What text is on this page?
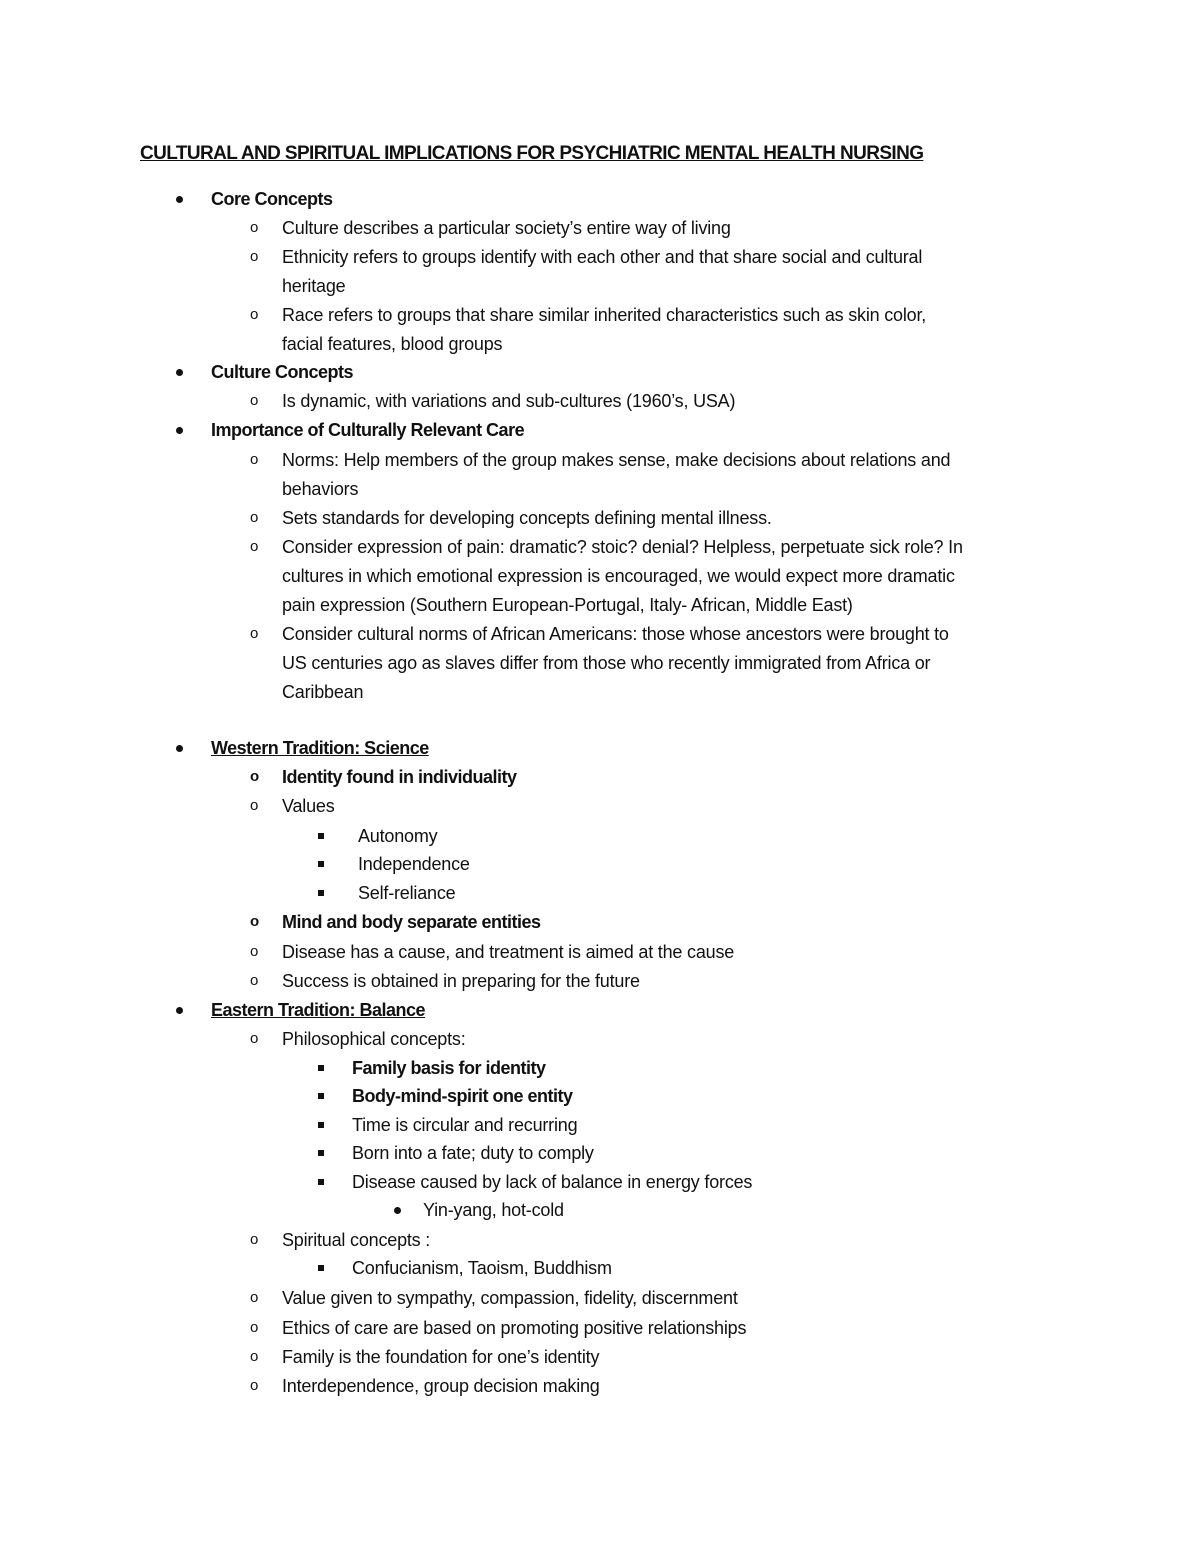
CULTURAL AND SPIRITUAL IMPLICATIONS FOR PSYCHIATRIC MENTAL HEALTH NURSING
Core Concepts
o Culture describes a particular society’s entire way of living
o Ethnicity refers to groups identify with each other and that share social and cultural
heritage
o Race refers to groups that share similar inherited characteristics such as skin color,
facial features, blood groups
Culture Concepts
o Is dynamic, with variations and sub-cultures (1960’s, USA)
Importance of Culturally Relevant Care
o Norms: Help members of the group makes sense, make decisions about relations and
behaviors
o Sets standards for developing concepts defining mental illness.
o Consider expression of pain: dramatic? stoic? denial? Helpless, perpetuate sick role? In
cultures in which emotional expression is encouraged, we would expect more dramatic
pain expression (Southern European-Portugal, Italy- African, Middle East)
o Consider cultural norms of African Americans: those whose ancestors were brought to
US centuries ago as slaves differ from those who recently immigrated from Africa or
Caribbean
Western Tradition: Science
o Identity found in individuality
o Values
Autonomy
Independence
Self-reliance
o Mind and body separate entities
o Disease has a cause, and treatment is aimed at the cause
o Success is obtained in preparing for the future
Eastern Tradition: Balance
o Philosophical concepts:
Family basis for identity
Body-mind-spirit one entity
Time is circular and recurring
Born into a fate; duty to comply
Disease caused by lack of balance in energy forces
Yin-yang, hot-cold
o Spiritual concepts :
Confucianism, Taoism, Buddhism
o Value given to sympathy, compassion, fidelity, discernment
o Ethics of care are based on promoting positive relationships
o Family is the foundation for one’s identity
o Interdependence, group decision making
